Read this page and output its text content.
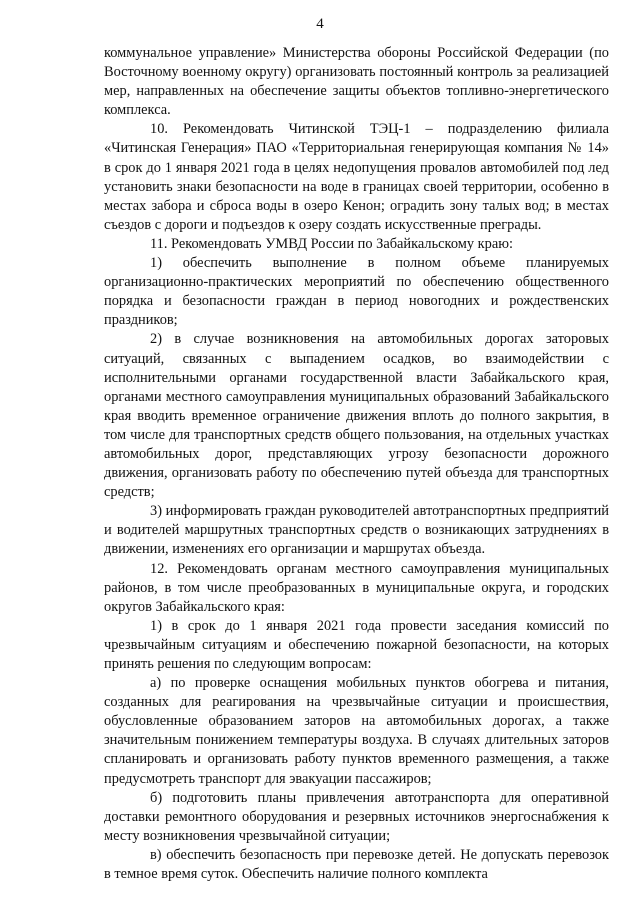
4

коммунальное управление» Министерства обороны Российской Федерации (по Восточному военному округу) организовать постоянный контроль за реализацией мер, направленных на обеспечение защиты объектов топливно-энергетического комплекса.

10. Рекомендовать Читинской ТЭЦ-1 – подразделению филиала «Читинская Генерация» ПАО «Территориальная генерирующая компания № 14» в срок до 1 января 2021 года в целях недопущения провалов автомобилей под лед установить знаки безопасности на воде в границах своей территории, особенно в местах забора и сброса воды в озеро Кенон; оградить зону талых вод; в местах съездов с дороги и подъездов к озеру создать искусственные преграды.

11. Рекомендовать УМВД России по Забайкальскому краю:

1) обеспечить выполнение в полном объеме планируемых организационно-практических мероприятий по обеспечению общественного порядка и безопасности граждан в период новогодних и рождественских праздников;

2) в случае возникновения на автомобильных дорогах заторовых ситуаций, связанных с выпадением осадков, во взаимодействии с исполнительными органами государственной власти Забайкальского края, органами местного самоуправления муниципальных образований Забайкальского края вводить временное ограничение движения вплоть до полного закрытия, в том числе для транспортных средств общего пользования, на отдельных участках автомобильных дорог, представляющих угрозу безопасности дорожного движения, организовать работу по обеспечению путей объезда для транспортных средств;

3) информировать граждан руководителей автотранспортных предприятий и водителей маршрутных транспортных средств о возникающих затруднениях в движении, изменениях его организации и маршрутах объезда.

12. Рекомендовать органам местного самоуправления муниципальных районов, в том числе преобразованных в муниципальные округа, и городских округов Забайкальского края:

1) в срок до 1 января 2021 года провести заседания комиссий по чрезвычайным ситуациям и обеспечению пожарной безопасности, на которых принять решения по следующим вопросам:

а) по проверке оснащения мобильных пунктов обогрева и питания, созданных для реагирования на чрезвычайные ситуации и происшествия, обусловленные образованием заторов на автомобильных дорогах, а также значительным понижением температуры воздуха. В случаях длительных заторов спланировать и организовать работу пунктов временного размещения, а также предусмотреть транспорт для эвакуации пассажиров;

б) подготовить планы привлечения автотранспорта для оперативной доставки ремонтного оборудования и резервных источников энергоснабжения к месту возникновения чрезвычайной ситуации;

в) обеспечить безопасность при перевозке детей. Не допускать перевозок в темное время суток. Обеспечить наличие полного комплекта
